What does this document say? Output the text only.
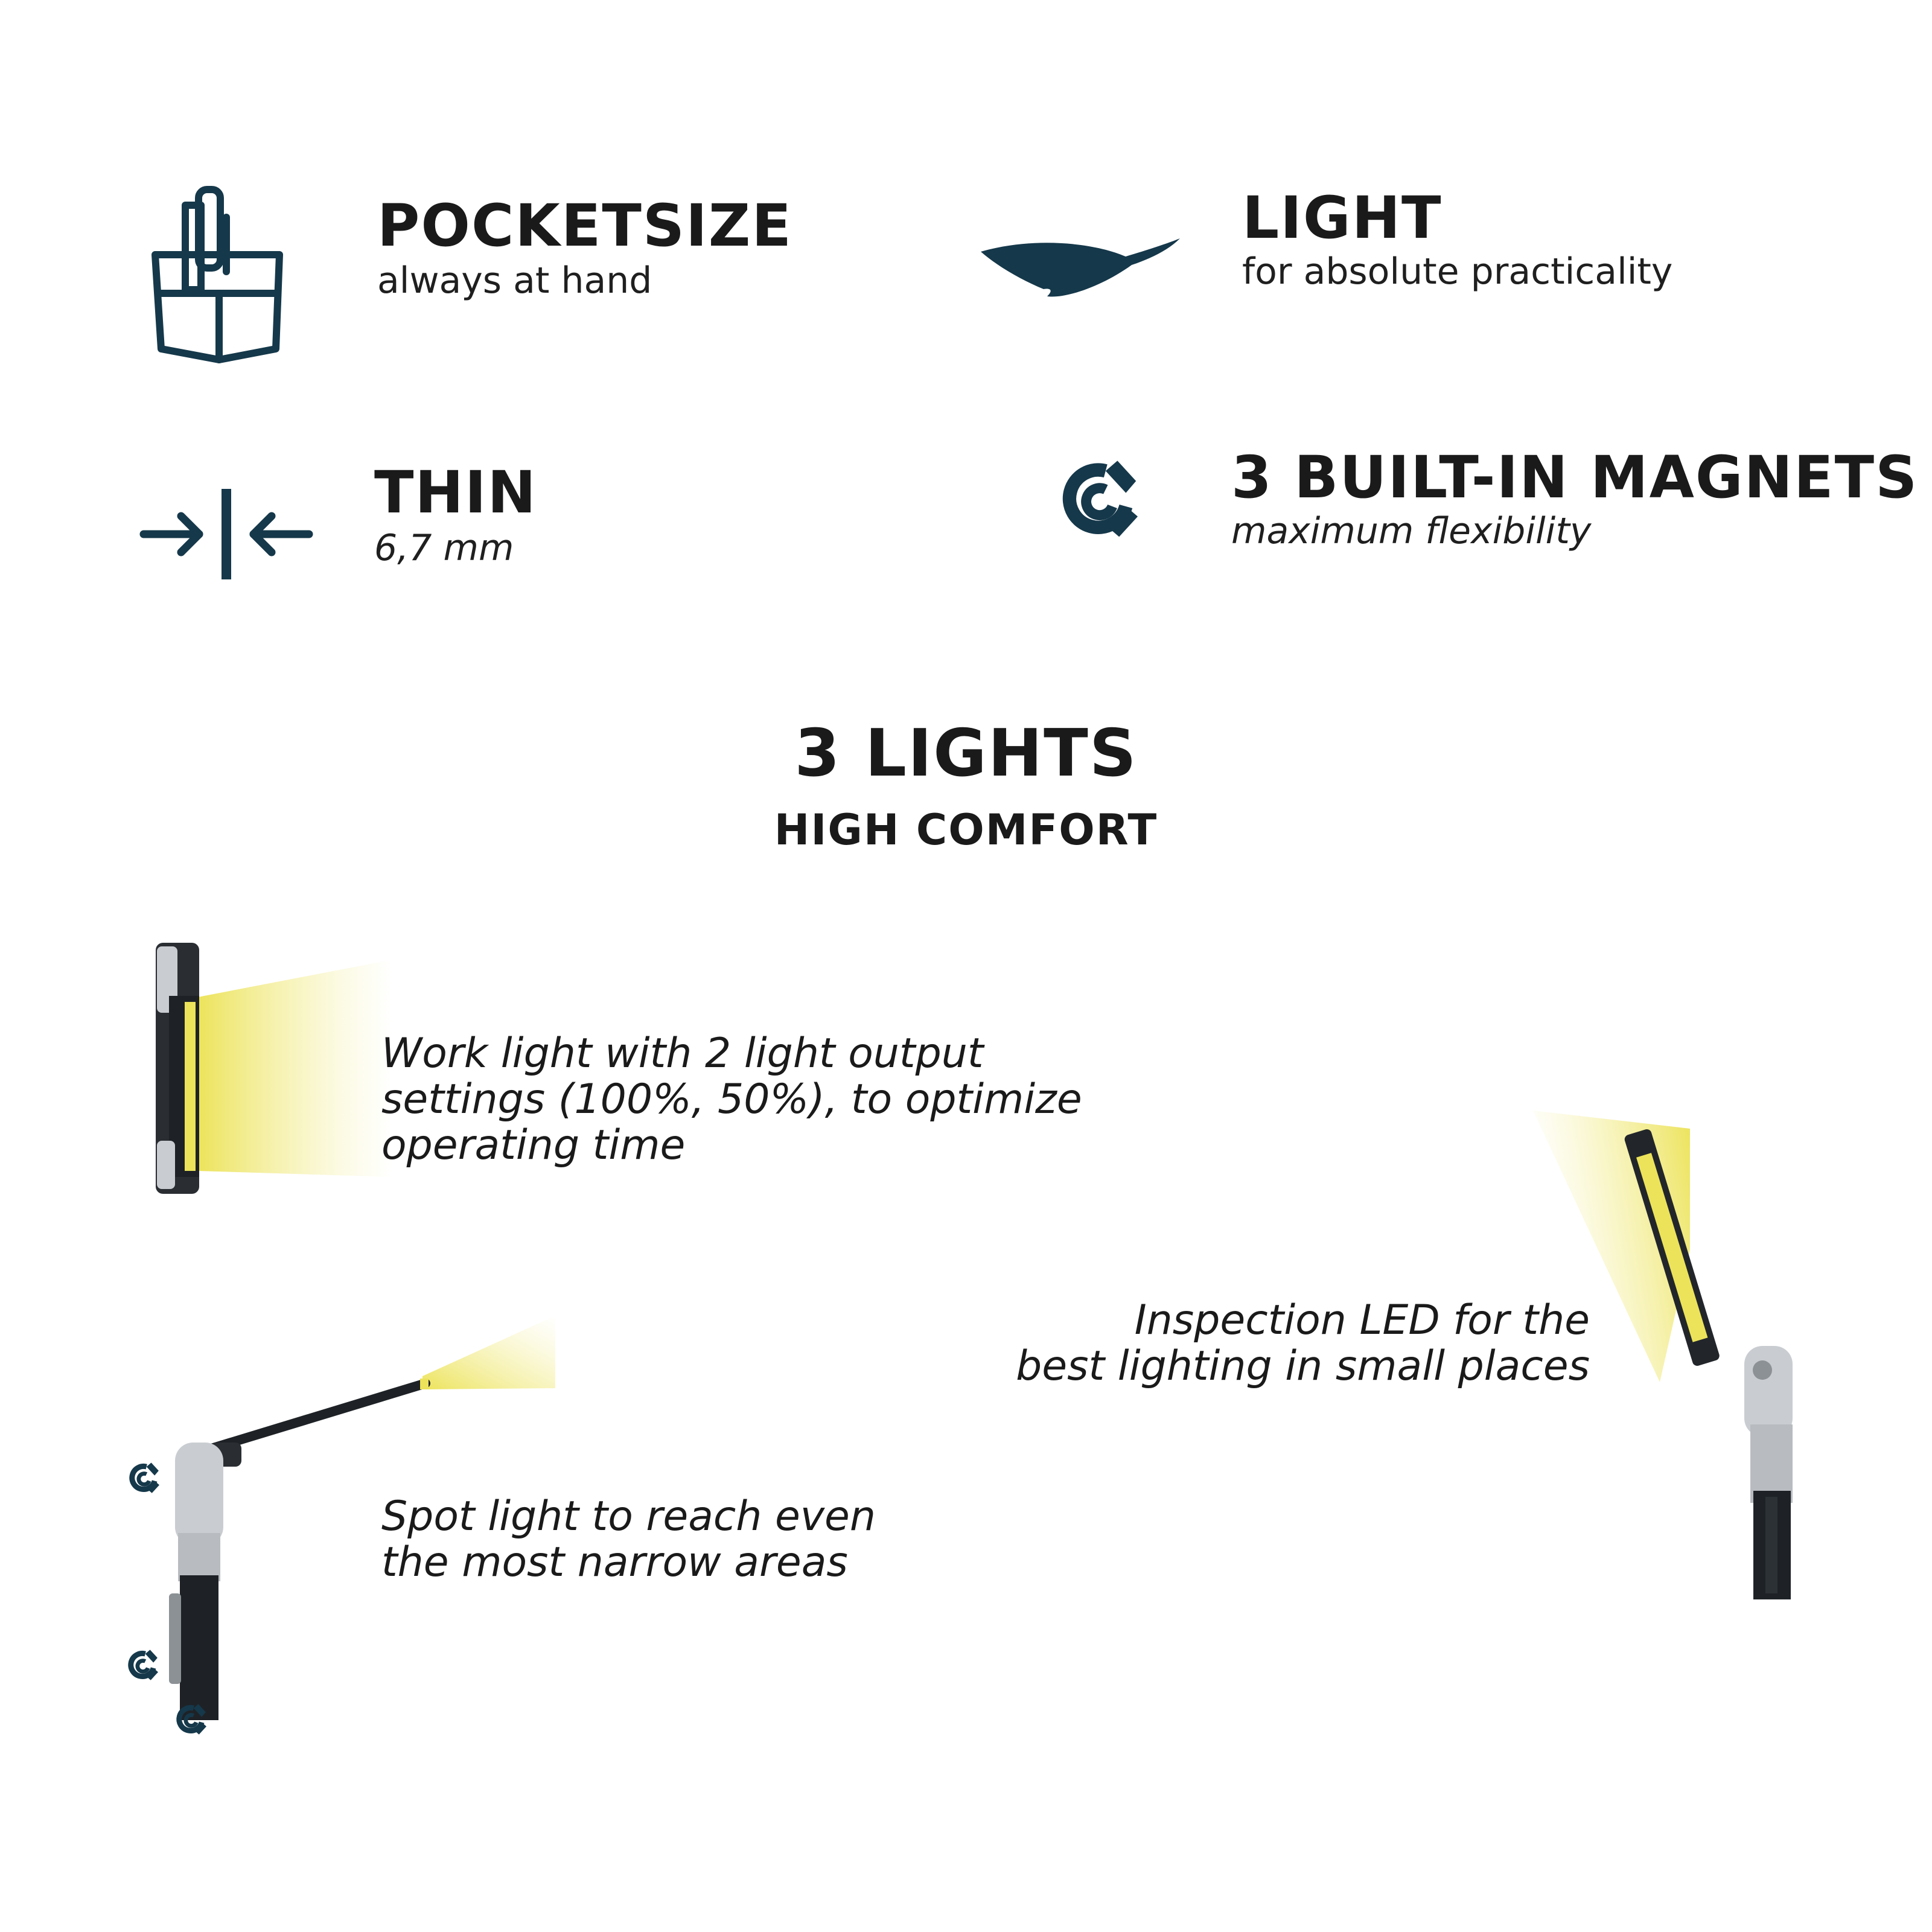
POCKETSIZE
always at hand
LIGHT
for absolute practicality
THIN
6,7 mm
3 BUILT-IN MAGNETS
maximum flexibility
3 LIGHTS
HIGH COMFORT
Work light with 2 light output
settings (100%, 50%), to optimize
operating time
Inspection LED for the
best lighting in small places
Spot light to reach even
the most narrow areas
